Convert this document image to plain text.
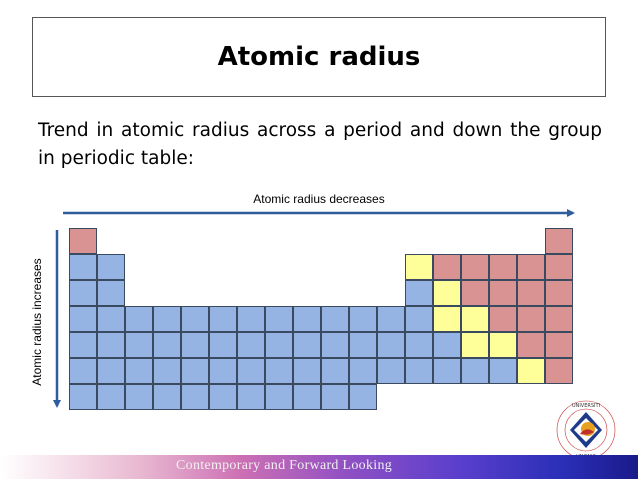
Atomic radius
Trend in atomic radius across a period and down the group in periodic table:
Atomic radius decreases
Atomic radius increases
UNIVERSITI
Contemporary and Forward Looking
